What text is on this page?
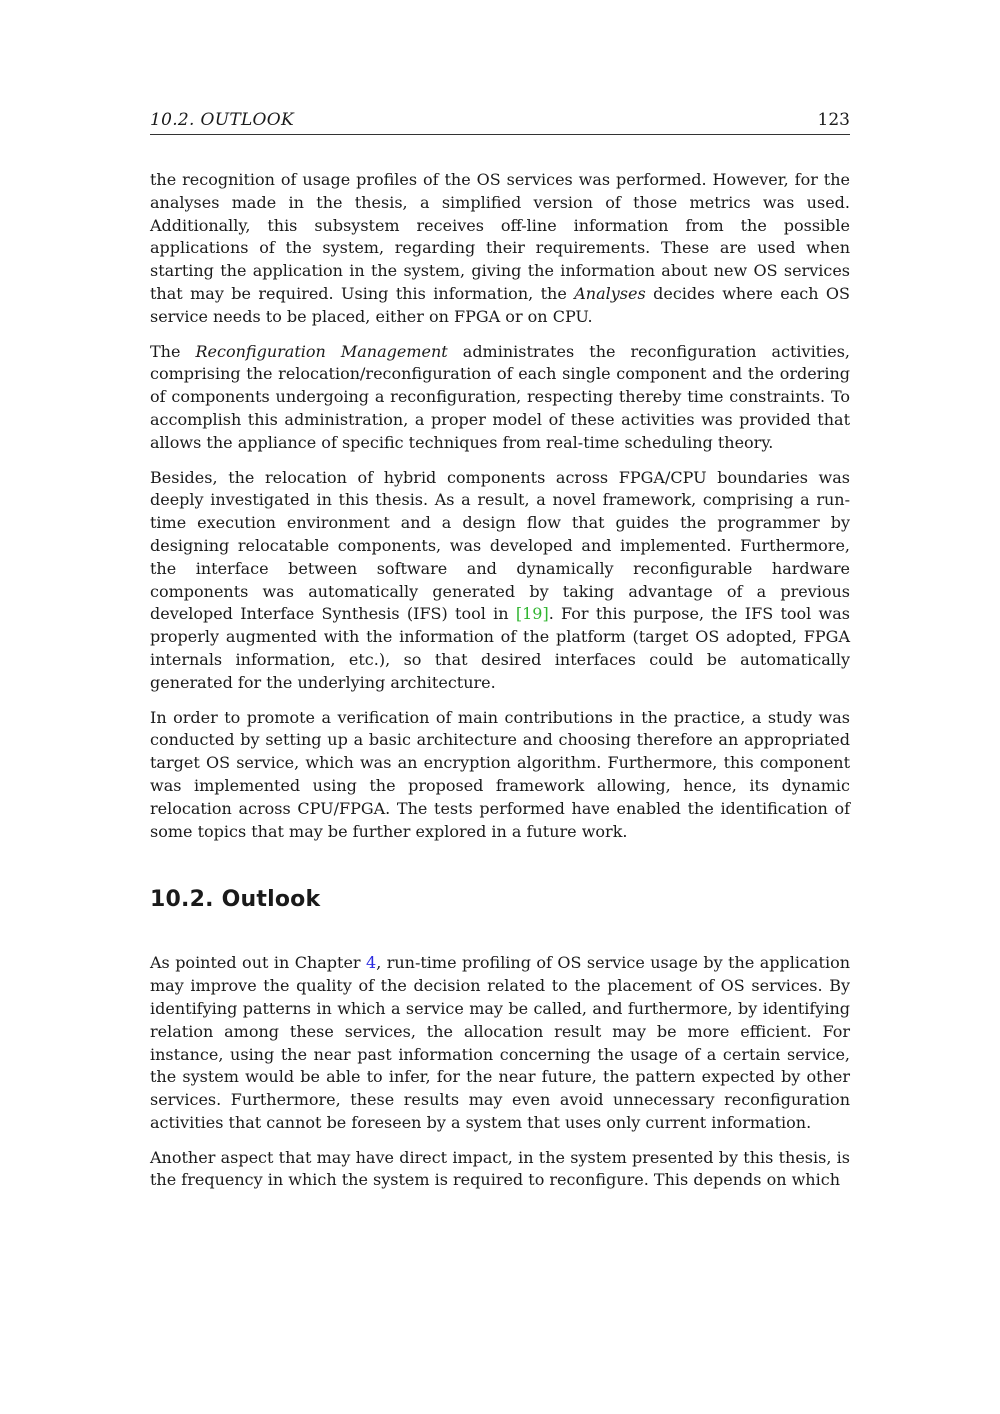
10.2. OUTLOOK	123

the recognition of usage profiles of the OS services was performed. However, for the analyses made in the thesis, a simplified version of those metrics was used. Additionally, this subsystem receives off-line information from the possible applications of the system, regarding their requirements. These are used when starting the application in the system, giving the information about new OS services that may be required. Using this information, the Analyses decides where each OS service needs to be placed, either on FPGA or on CPU.

The Reconfiguration Management administrates the reconfiguration activities, comprising the relocation/reconfiguration of each single component and the ordering of components undergoing a reconfiguration, respecting thereby time constraints. To accomplish this administration, a proper model of these activities was provided that allows the appliance of specific techniques from real-time scheduling theory.

Besides, the relocation of hybrid components across FPGA/CPU boundaries was deeply investigated in this thesis. As a result, a novel framework, comprising a run-time execution environment and a design flow that guides the programmer by designing relocatable components, was developed and implemented. Furthermore, the interface between software and dynamically reconfigurable hardware components was automatically generated by taking advantage of a previous developed Interface Synthesis (IFS) tool in [19]. For this purpose, the IFS tool was properly augmented with the information of the platform (target OS adopted, FPGA internals information, etc.), so that desired interfaces could be automatically generated for the underlying architecture.

In order to promote a verification of main contributions in the practice, a study was conducted by setting up a basic architecture and choosing therefore an appropriated target OS service, which was an encryption algorithm. Furthermore, this component was implemented using the proposed framework allowing, hence, its dynamic relocation across CPU/FPGA. The tests performed have enabled the identification of some topics that may be further explored in a future work.

10.2. Outlook

As pointed out in Chapter 4, run-time profiling of OS service usage by the application may improve the quality of the decision related to the placement of OS services. By identifying patterns in which a service may be called, and furthermore, by identifying relation among these services, the allocation result may be more efficient. For instance, using the near past information concerning the usage of a certain service, the system would be able to infer, for the near future, the pattern expected by other services. Furthermore, these results may even avoid unnecessary reconfiguration activities that cannot be foreseen by a system that uses only current information.

Another aspect that may have direct impact, in the system presented by this thesis, is the frequency in which the system is required to reconfigure. This depends on which
